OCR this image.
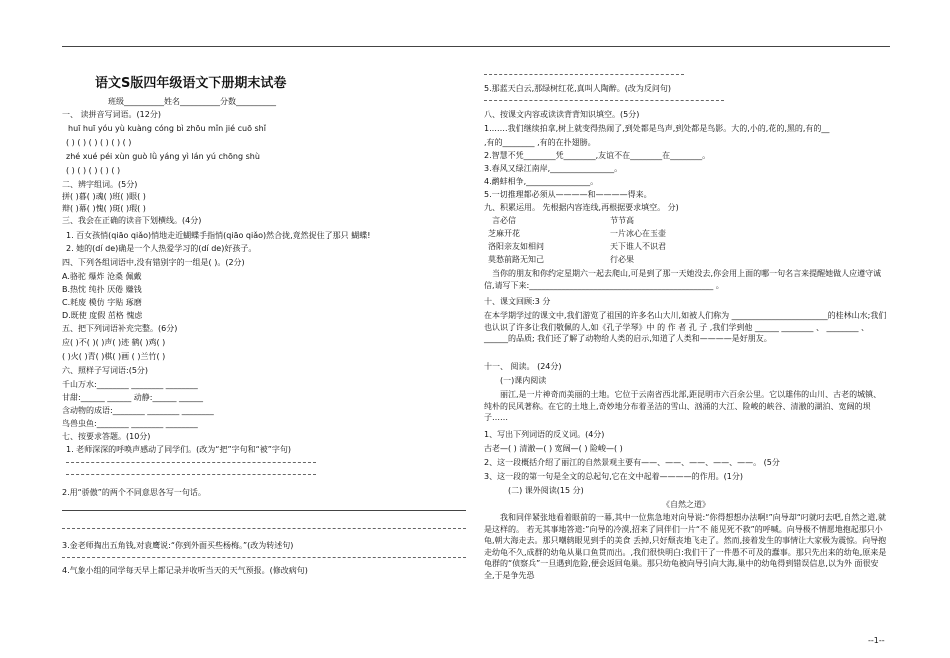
语文S版四年级语文下册期末试卷
班级__________姓名__________分数__________
一、 读拼音写词语。(12分)
huī huī yóu yù kuàng cóng bì zhōu mǐn jié cuō shǐ
( ) ( ) ( ) ( ) ( ) ( )
zhé xué péi xùn guò lǜ yáng yì lán yú chōng shù
( ) ( ) ( ) ( ) ( )
二、辨字组词。(5分)
拼( )暮( )魂( )班( )眼( )
辩( )幕( )愧( )斑( )瑕( )
三、我会在正确的读音下划横线。(4分)
1. 百女孩悄(qiāo qiǎo)悄地走近蝴蝶手指悄(qiāo qiǎo)然合拢,竟然捉住了那只 蝴蝶!
2. 她的(dí de)确是一个人热爱学习的(dí de)好孩子。
四、下列各组词语中,没有错别字的一组是( )。(2分)
A.骆驼 爆炸 沧桑 佩戴
B.热忱 纯扑 厌倦 赚钱
C.耗废 模仿 字贴 琢磨
D.既使 度假 茁格 愧虑
五、把下列词语补充完整。(6分)
应( )不( )( )声( )迹 鹤( )鸡( )
( )火( )青( )棋( )画 ( )兰竹( )
六、照样子写词语:(5分)
千山万水:________ ________ ________
甘甜:______ ______ 动静:______ ______
含动物的成语:________ ________ ________
鸟兽虫鱼:________ ________ ________
七、按要求答题。(10分)
1. 老师深深的呼唤声感动了同学们。(改为“把”字句和“被”字句)
2.用“骄傲”的两个不同意思各写一句话。
3.金老师掏出五角钱,对袁鹰说:“你到外面买些杨梅。”(改为转述句)
4.气象小组的同学每天早上都记录并收听当天的天气预报。(修改病句)
5.那蓝天白云,那绿树红花,真叫人陶醉。(改为反问句)
八、按课文内容或读读背背知识填空。(5分)
1.……我们继续拍拿,树上就变得热闹了,到处都是鸟声,到处都是鸟影。大的,小的,花的,黑的,有的__
,有的________ ,有的在扑翅膀。
2.智慧不凭________凭________,友谊不在________在________。
3.春风又绿江南岸,________________。
4.鹬蚌相争,________________。
5.一切推理都必须从————和————得来。
九、积累运用。 先根据内容连线,再根据要求填空。 分)
言必信	节节高
芝麻开花	一片冰心在玉壶
洛阳亲友如相问	天下谁人不识君
莫愁前路无知己	行必果
当你的朋友和你约定星期六一起去爬山,可是到了那一天她没去,你会用上面的哪一句名言来提醒她做人应遵守诚信,请写下来:______________________________________________ 。
十、课文回顾:3 分
在本学期学过的课文中,我们游览了祖国的许多名山大川,如被人们称为 ________________________的桂林山水;我们也认识了许多让我们敬佩的人,如《孔子学琴》中 的 作 者 孔 子 ,我们学到他 ______ ________ 、 ________ 、 ______的品质; 我们还了解了动物给人类的启示,知道了人类和————是好朋友。
十一、 阅读。 (24分)
(一)课内阅读
丽江,是一片神奇而美丽的土地。它位于云南省西北部,距昆明市六百余公里。它以雄伟的山川、古老的城镇、纯朴的民风著称。在它的土地上,奇妙地分布着圣洁的雪山、汹涌的大江、险峻的峡谷、清澈的湖泊、宽阔的坝子……
1、写出下列词语的反义词。(4分)
古老—( ) 清澈—( ) 宽阔—( ) 险峻—( )
2、这一段概括介绍了丽江的自然景观主要有——、——、——、——、——。 (5分
3、这一段的第一句是全文的总起句,它在文中起着————的作用。(1分)
(二) 课外阅读(15 分)
《自然之道》
我和同伴紧张地看着眼前的一幕,其中一位焦急地对向导说:“你得想想办法啊!”向导却“叼就叼去吧,自然之道,就是这样的。 若无其事地答道:”向导的冷漠,招来了同伴们一片“不 能见死不救”的呼喊。向导极不情愿地抱起那只小龟,朝大海走去。那只嘲鸫眼见到手的美食 丢掉,只好颓丧地飞走了。然而,接着发生的事情让大家极为震惊。向导抱走幼龟不久,成群的幼龟从巢口鱼贯而出。,我们很快明白:我们干了一件愚不可及的蠢事。那只先出来的幼龟,原来是龟群的“侦察兵”一旦遇到危险,便会返回龟巢。那只幼龟被向导引向大海,巢中的幼龟得到错误信息,以为外 面很安全,于是争先恐
--1--
